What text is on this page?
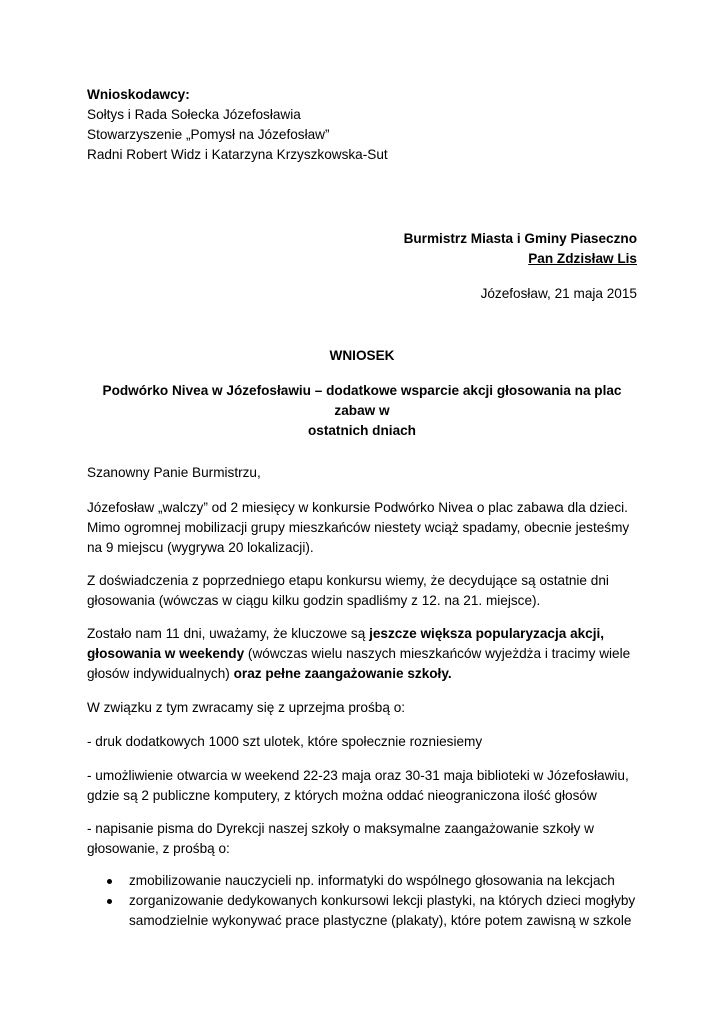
Wnioskodawcy:

Sołtys i Rada Sołecka Józefosławia

Stowarzyszenie „Pomysł na Józefosław”

Radni Robert Widz i Katarzyna Krzyszkowska-Sut

Burmistrz Miasta i Gminy Piaseczno

Pan Zdzisław Lis

Józefosław, 21 maja 2015

WNIOSEK

Podwórko Nivea w Józefosławiu – dodatkowe wsparcie akcji głosowania na plac zabaw w

ostatnich dniach

Szanowny Panie Burmistrzu,

Józefosław „walczy” od 2 miesięcy w konkursie Podwórko Nivea o plac zabawa dla dzieci.

Mimo ogromnej mobilizacji grupy mieszkańców niestety wciąż spadamy, obecnie jesteśmy

na 9 miejscu (wygrywa 20 lokalizacji).

Z doświadczenia z poprzedniego etapu konkursu wiemy, że decydujące są ostatnie dni

głosowania (wówczas w ciągu kilku godzin spadliśmy z 12. na 21. miejsce).

Zostało nam 11 dni, uważamy, że kluczowe są jeszcze większa popularyzacja akcji,

głosowania w weekendy (wówczas wielu naszych mieszkańców wyjeżdża i tracimy wiele

głosów indywidualnych) oraz pełne zaangażowanie szkoły.

W związku z tym zwracamy się z uprzejma prośbą o:

- druk dodatkowych 1000 szt ulotek, które społecznie rozniesiemy

- umożliwienie otwarcia w weekend 22-23 maja oraz 30-31 maja biblioteki w Józefosławiu,

gdzie są 2 publiczne komputery, z których można oddać nieograniczona ilość głosów

- napisanie pisma do Dyrekcji naszej szkoły o maksymalne zaangażowanie szkoły w

głosowanie, z prośbą o:

zmobilizowanie nauczycieli np. informatyki do wspólnego głosowania na lekcjach
zorganizowanie dedykowanych konkursowi lekcji plastyki, na których dzieci mogłyby
samodzielnie wykonywać prace plastyczne (plakaty), które potem zawisną w szkole
